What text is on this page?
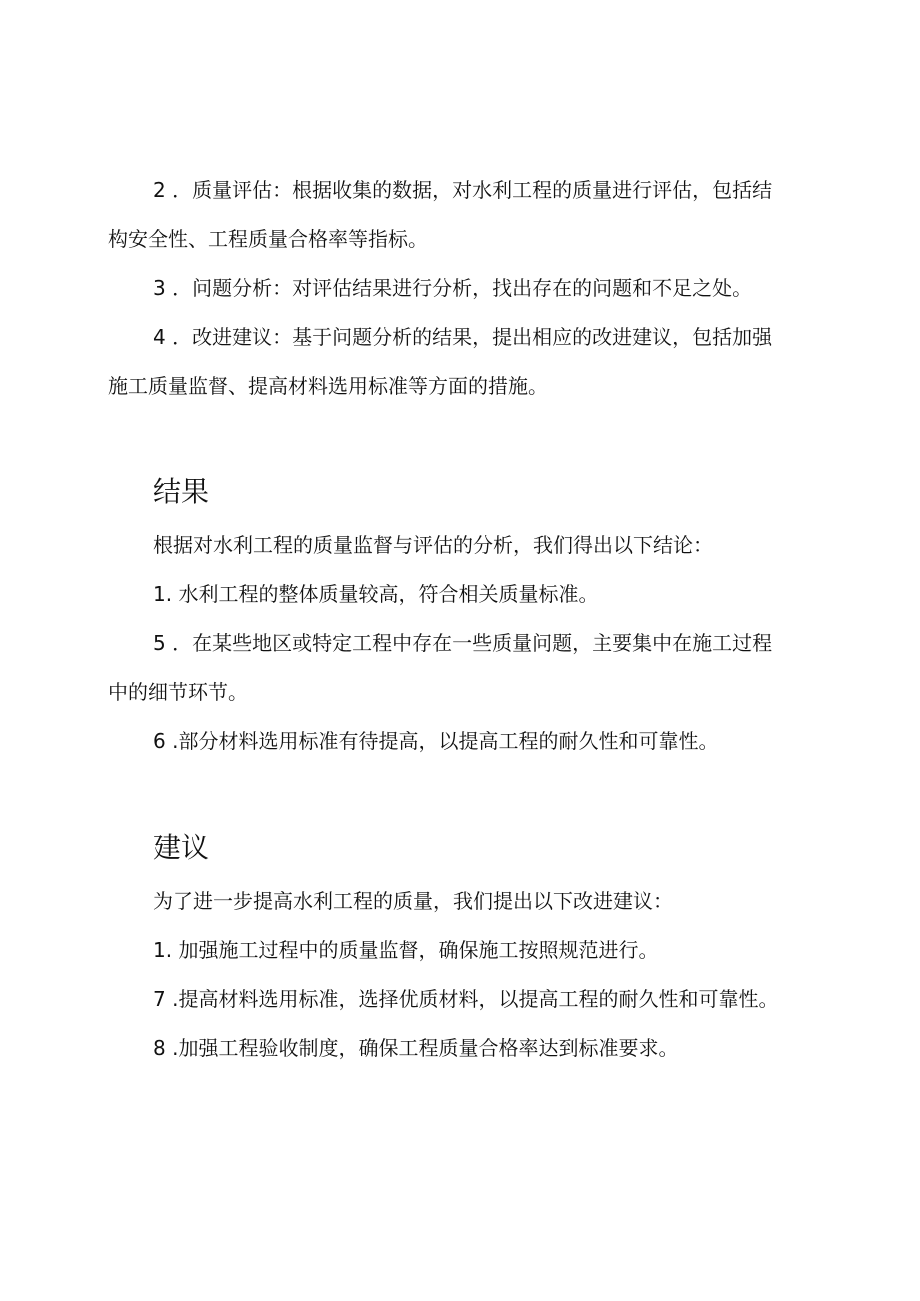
2 ．质量评估：根据收集的数据，对水利工程的质量进行评估，包括结

构安全性、工程质量合格率等指标。

3 ．问题分析：对评估结果进行分析，找出存在的问题和不足之处。

4 ．改进建议：基于问题分析的结果，提出相应的改进建议，包括加强

施工质量监督、提高材料选用标准等方面的措施。

结果

根据对水利工程的质量监督与评估的分析，我们得出以下结论：

1. 水利工程的整体质量较高，符合相关质量标准。

5 ．在某些地区或特定工程中存在一些质量问题，主要集中在施工过程

中的细节环节。

6 .部分材料选用标准有待提高，以提高工程的耐久性和可靠性。

建议

为了进一步提高水利工程的质量，我们提出以下改进建议：

1. 加强施工过程中的质量监督，确保施工按照规范进行。

7 .提高材料选用标准，选择优质材料，以提高工程的耐久性和可靠性。

8 .加强工程验收制度，确保工程质量合格率达到标准要求。
